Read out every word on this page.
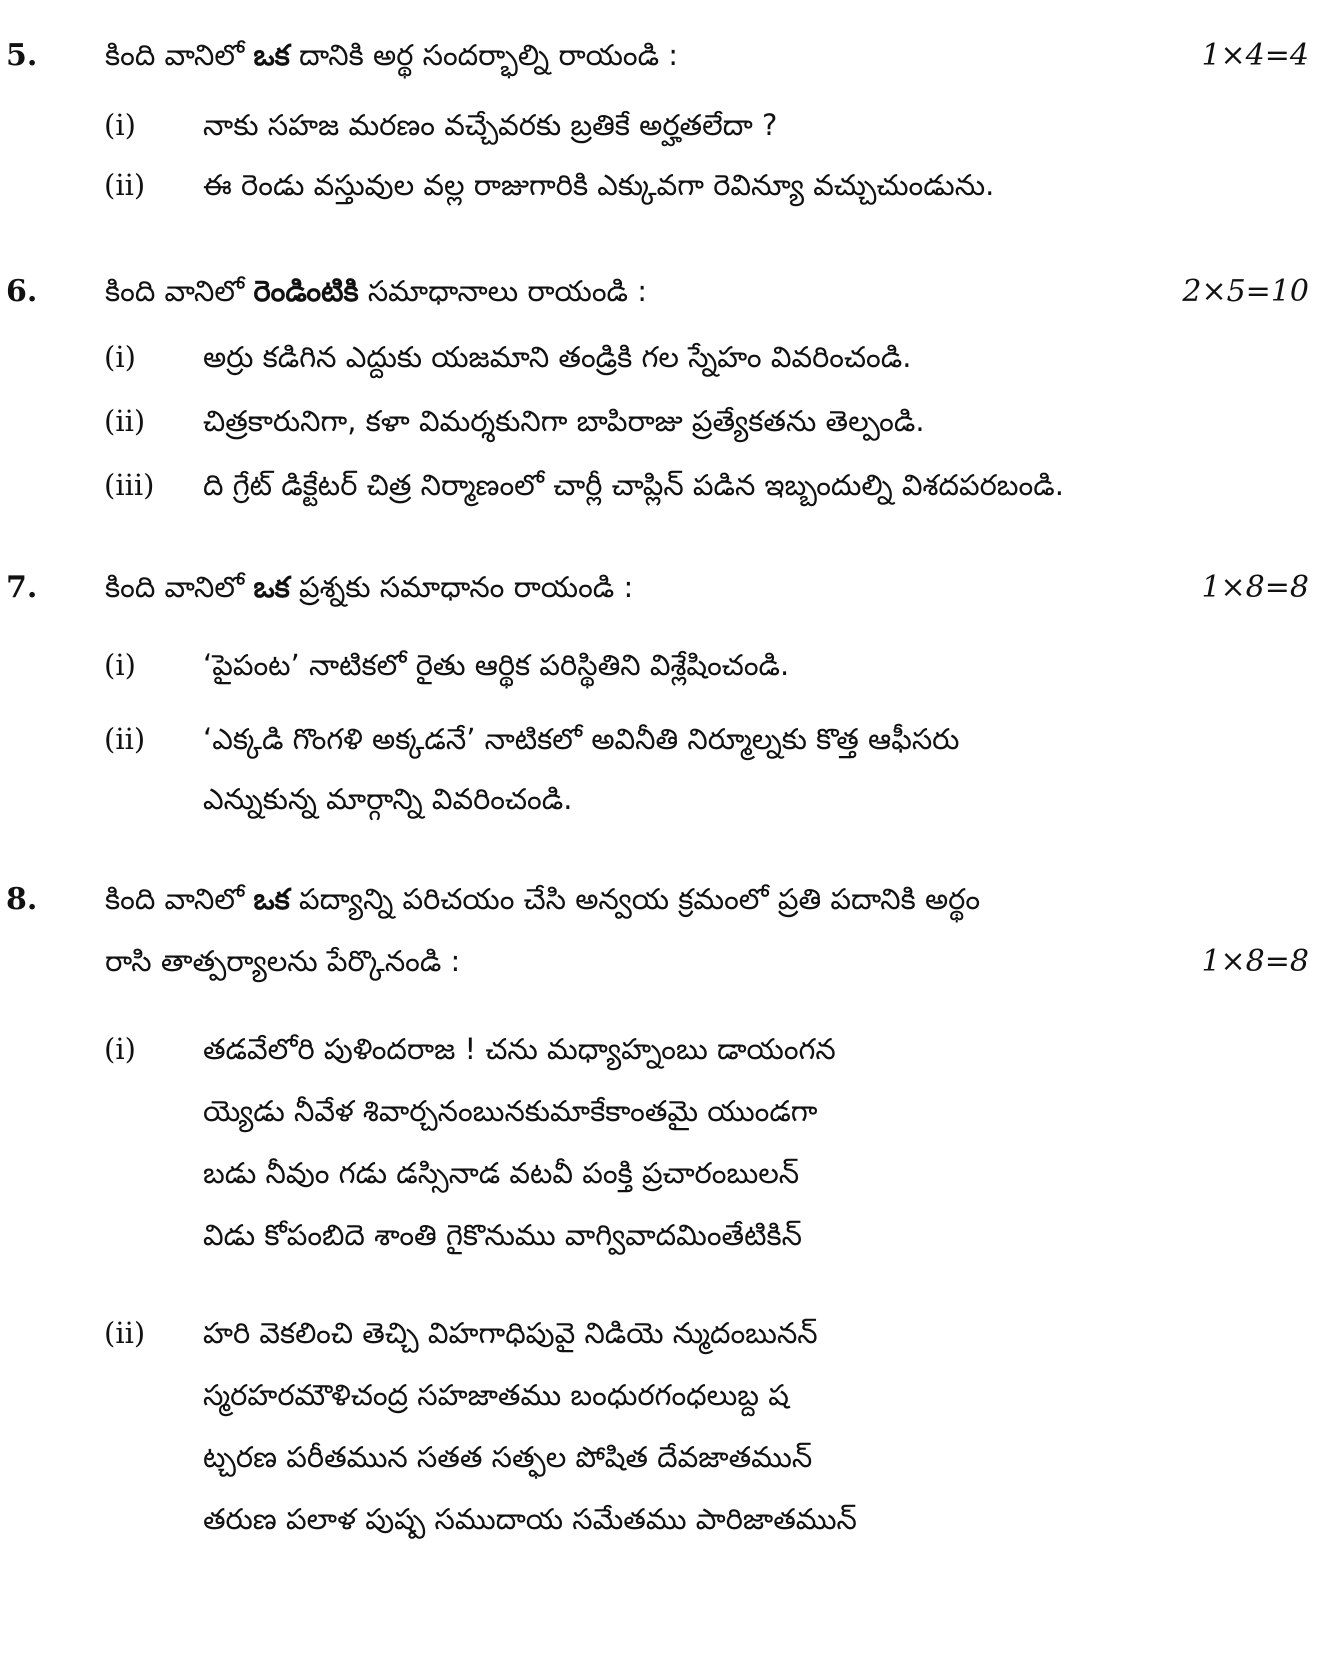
5. కింది వానిలో ఒక దానికి అర్థ సందర్భాల్ని రాయండి :	1×4=4
(i) నాకు సహజ మరణం వచ్చేవరకు బ్రతికే అర్హతలేదా ?
(ii) ఈ రెండు వస్తువుల వల్ల రాజుగారికి ఎక్కువగా రెవిన్యూ వచ్చుచుండును.
6. కింది వానిలో రెండింటికి సమాధానాలు రాయండి :	2×5=10
(i) అర్రు కడిగిన ఎద్దుకు యజమాని తండ్రికి గల స్నేహం వివరించండి.
(ii) చిత్రకారునిగా, కళా విమర్శకునిగా బాపిరాజు ప్రత్యేకతను తెల్పండి.
(iii) ది గ్రేట్ డిక్టేటర్ చిత్ర నిర్మాణంలో చార్లీ చాప్లిన్ పడిన ఇబ్బందుల్ని విశదపరబండి.
7. కింది వానిలో ఒక ప్రశ్నకు సమాధానం రాయండి :	1×8=8
(i) ‘పైపంట’ నాటికలో రైతు ఆర్థిక పరిస్థితిని విశ్లేషించండి.
(ii) ‘ఎక్కడి గొంగళి అక్కడనే’ నాటికలో అవినీతి నిర్మూల్నకు కొత్త ఆఫీసరు
ఎన్నుకున్న మార్గాన్ని వివరించండి.
8. కింది వానిలో ఒక పద్యాన్ని పరిచయం చేసి అన్వయ క్రమంలో ప్రతి పదానికి అర్థం
రాసి తాత్పర్యాలను పేర్కొనండి :	1×8=8
(i) తడవేలోరి పుళిందరాజ ! చను మధ్యాహ్నంబు డాయంగన
య్యెడు నీవేళ శివార్చనంబునకుమాకేకాంతమై యుండగా
బడు నీవుం గడు డస్సినాడ వటవీ పంక్తి ప్రచారంబులన్
విడు కోపంబిదె శాంతి గైకొనుము వాగ్వివాదమింతేటికిన్
(ii) హరి వెకలించి తెచ్చి విహగాధిపువై నిడియె న్ముదంబునన్
స్మరహరమౌళిచంద్ర సహజాతము బంధురగంధలుబ్ద ష
ట్చరణ పరీతమున సతత సత్ఫల పోషిత దేవజాతమున్
తరుణ పలాళ పుష్ప సముదాయ సమేతము పారిజాతమున్
